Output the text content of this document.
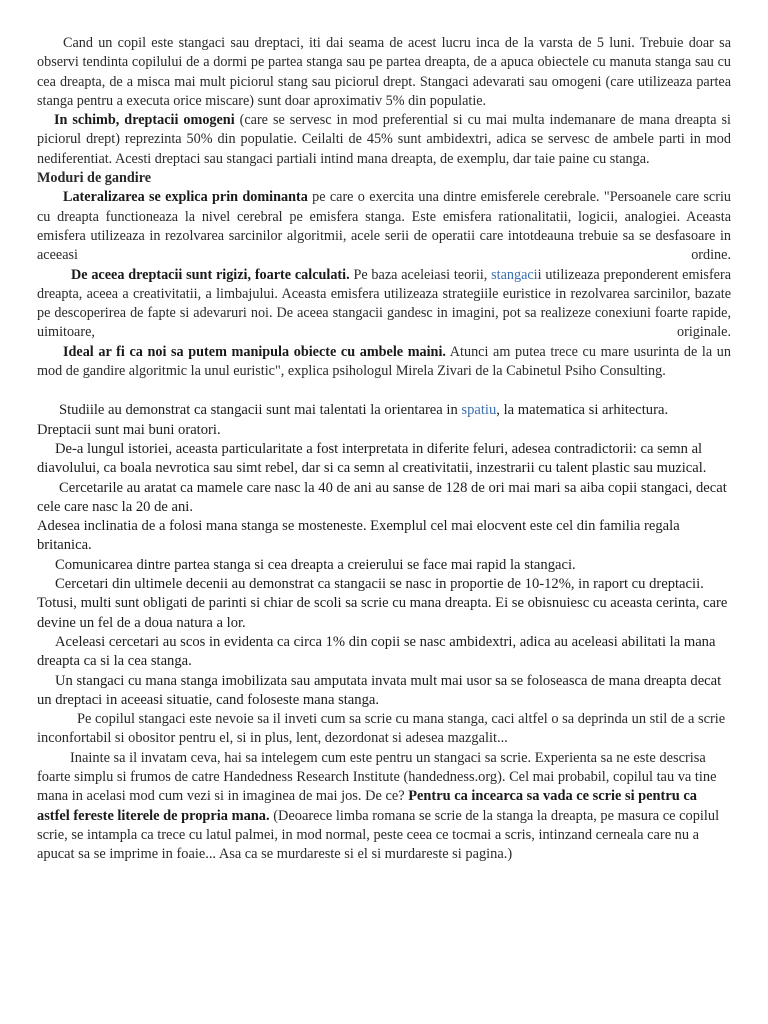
Cand un copil este stangaci sau dreptaci, iti dai seama de acest lucru inca de la varsta de 5 luni. Trebuie doar sa observi tendinta copilului de a dormi pe partea stanga sau pe partea dreapta, de a apuca obiectele cu manuta stanga sau cu cea dreapta, de a misca mai mult piciorul stang sau piciorul drept. Stangaci adevarati sau omogeni (care utilizeaza partea stanga pentru a executa orice miscare) sunt doar aproximativ 5% din populatie.

In schimb, dreptacii omogeni (care se servesc in mod preferential si cu mai multa indemanare de mana dreapta si piciorul drept) reprezinta 50% din populatie. Ceilalti de 45% sunt ambidextri, adica se servesc de ambele parti in mod nediferentiat. Acesti dreptaci sau stangaci partiali intind mana dreapta, de exemplu, dar taie paine cu stanga.

Moduri de gandire

Lateralizarea se explica prin dominanta pe care o exercita una dintre emisferele cerebrale. "Persoanele care scriu cu dreapta functioneaza la nivel cerebral pe emisfera stanga. Este emisfera rationalitatii, logicii, analogiei. Aceasta emisfera utilizeaza in rezolvarea sarcinilor algoritmii, acele serii de operatii care intotdeauna trebuie sa se desfasoare in aceeasi ordine.

De aceea dreptacii sunt rigizi, foarte calculati. Pe baza aceleiasi teorii, stangacii utilizeaza preponderent emisfera dreapta, aceea a creativitatii, a limbajului. Aceasta emisfera utilizeaza strategiile euristice in rezolvarea sarcinilor, bazate pe descoperirea de fapte si adevaruri noi. De aceea stangacii gandesc in imagini, pot sa realizeze conexiuni foarte rapide, uimitoare, originale.

Ideal ar fi ca noi sa putem manipula obiecte cu ambele maini. Atunci am putea trece cu mare usurinta de la un mod de gandire algoritmic la unul euristic", explica psihologul Mirela Zivari de la Cabinetul Psiho Consulting.

Studiile au demonstrat ca stangacii sunt mai talentati la orientarea in spatiu, la matematica si arhitectura.

Dreptacii sunt mai buni oratori.

De-a lungul istoriei, aceasta particularitate a fost interpretata in diferite feluri, adesea contradictorii: ca semn al diavolului, ca boala nevrotica sau simt rebel, dar si ca semn al creativitatii, inzestrarii cu talent plastic sau muzical.

Cercetarile au aratat ca mamele care nasc la 40 de ani au sanse de 128 de ori mai mari sa aiba copii stangaci, decat cele care nasc la 20 de ani.

Adesea inclinatia de a folosi mana stanga se mosteneste. Exemplul cel mai elocvent este cel din familia regala britanica.

Comunicarea dintre partea stanga si cea dreapta a creierului se face mai rapid la stangaci.

Cercetari din ultimele decenii au demonstrat ca stangacii se nasc in proportie de 10-12%, in raport cu dreptacii. Totusi, multi sunt obligati de parinti si chiar de scoli sa scrie cu mana dreapta. Ei se obisnuiesc cu aceasta cerinta, care devine un fel de a doua natura a lor.

Aceleasi cercetari au scos in evidenta ca circa 1% din copii se nasc ambidextri, adica au aceleasi abilitati la mana dreapta ca si la cea stanga.

Un stangaci cu mana stanga imobilizata sau amputata invata mult mai usor sa se foloseasca de mana dreapta decat un dreptaci in aceeasi situatie, cand foloseste mana stanga.

Pe copilul stangaci este nevoie sa il inveti cum sa scrie cu mana stanga, caci altfel o sa deprinda un stil de a scrie inconfortabil si obositor pentru el, si in plus, lent, dezordonat si adesea mazgalit...

Inainte sa il invatam ceva, hai sa intelegem cum este pentru un stangaci sa scrie. Experienta sa ne este descrisa foarte simplu si frumos de catre Handedness Research Institute (handedness.org). Cel mai probabil, copilul tau va tine mana in acelasi mod cum vezi si in imaginea de mai jos. De ce? Pentru ca incearca sa vada ce scrie si pentru ca astfel fereste literele de propria mana. (Deoarece limba romana se scrie de la stanga la dreapta, pe masura ce copilul scrie, se intampla ca trece cu latul palmei, in mod normal, peste ceea ce tocmai a scris, intinzand cerneala care nu a apucat sa se imprime in foaie... Asa ca se murdareste si el si murdareste si pagina.)
